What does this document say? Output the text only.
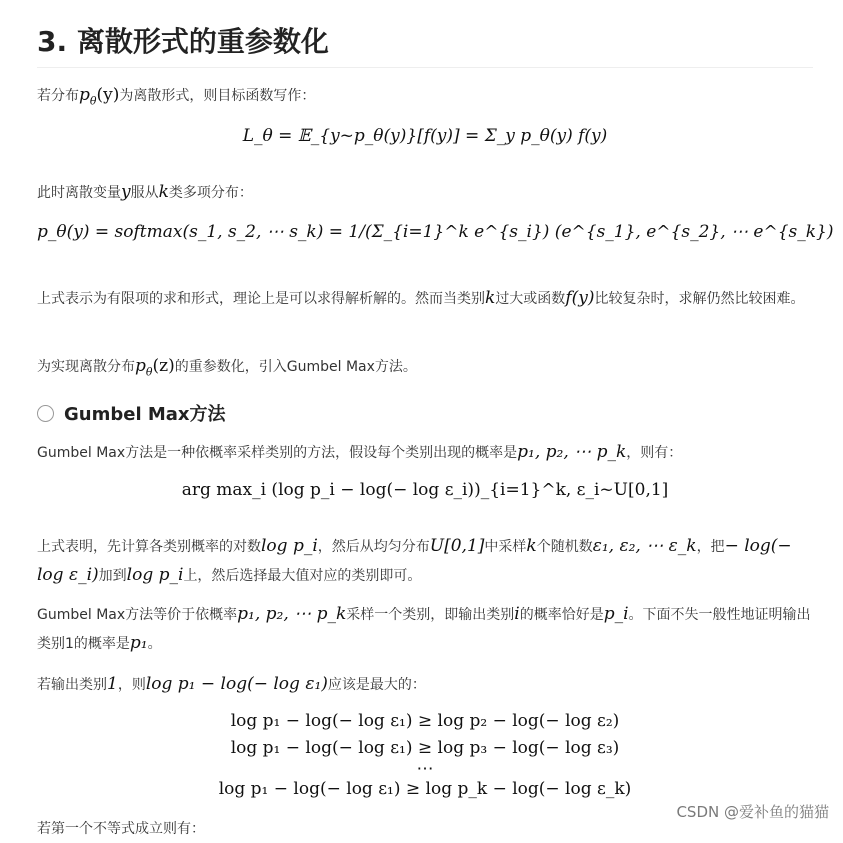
3. 离散形式的重参数化
若分布$p_\theta(y)$为离散形式，则目标函数写作：
L_θ = 𝔼_{y~p_θ(y)}[f(y)] = Σ_y p_θ(y) f(y)
此时离散变量y服从k类多项分布：
p_θ(y) = softmax(s_1, s_2, ⋯ s_k) = 1/(Σ_{i=1}^k e^{s_i}) (e^{s_1}, e^{s_2}, ⋯ e^{s_k})
上式表示为有限项的求和形式，理论上是可以求得解析解的。然而当类别k过大或函数f(y)比较复杂时，求解仍然比较困难。
为实现离散分布$p_\theta(z)$的重参数化，引入Gumbel Max方法。
Gumbel Max方法
Gumbel Max方法是一种依概率采样类别的方法，假设每个类别出现的概率是p₁, p₂, ⋯ p_k，则有：
arg max_i (log p_i − log(− log ε_i))_{i=1}^k, ε_i~U[0,1]
上式表明，先计算各类别概率的对数log p_i，然后从均匀分布U[0,1]中采样k个随机数ε₁, ε₂, ⋯ ε_k，把− log(− log ε_i)加到log p_i上，然后选择最大值对应的类别即可。
Gumbel Max方法等价于依概率p₁, p₂, ⋯ p_k采样一个类别，即输出类别i的概率恰好是p_i。下面不失一般性地证明输出类别1的概率是p₁。
若输出类别1，则log p₁ − log(− log ε₁)应该是最大的：
log p₁ − log(− log ε₁) ≥ log p₂ − log(− log ε₂)
log p₁ − log(− log ε₁) ≥ log p₃ − log(− log ε₃)
⋯
log p₁ − log(− log ε₁) ≥ log p_k − log(− log ε_k)
若第一个不等式成立则有：
CSDN @爱补鱼的猫猫
